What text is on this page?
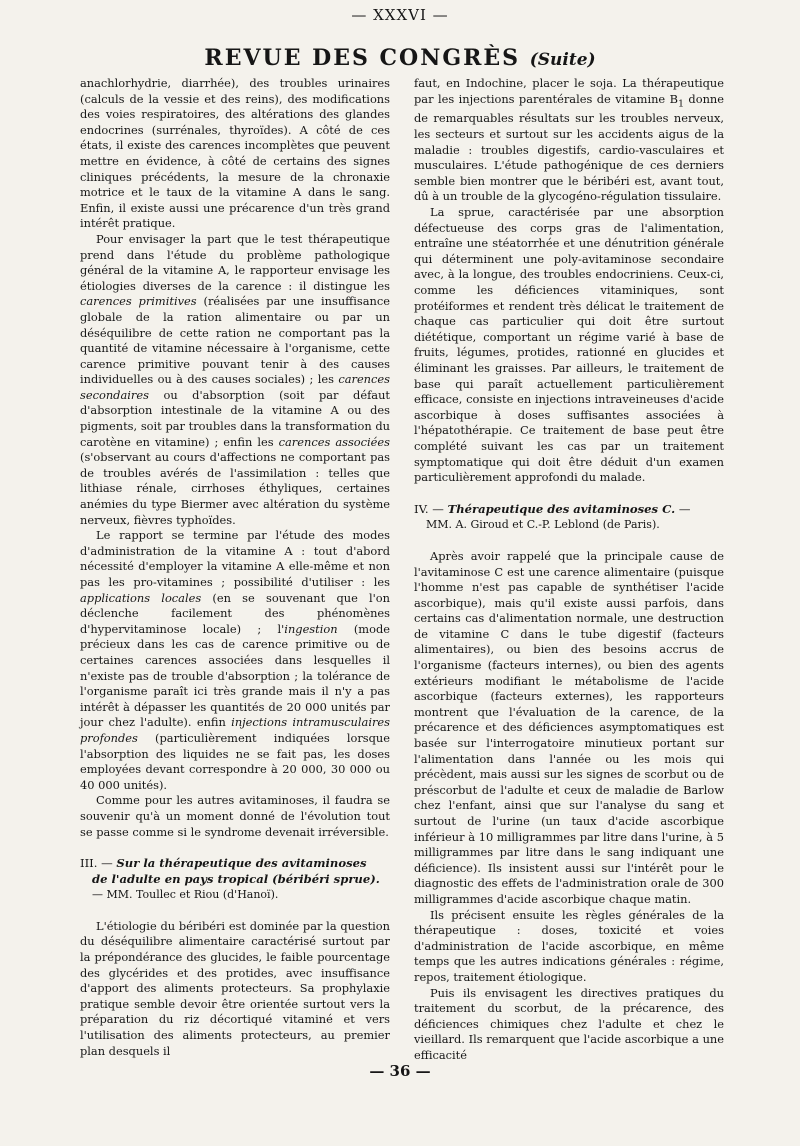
— XXXVI —
REVUE DES CONGRÈS (Suite)

anachlorhydrie, diarrhée), des troubles urinaires (calculs de la vessie et des reins), des modifications des voies respiratoires, des altérations des glandes endocrines (surrénales, thyroïdes). A côté de ces états, il existe des carences incomplètes que peuvent mettre en évidence, à côté de certains des signes cliniques précédents, la mesure de la chronaxie motrice et le taux de la vitamine A dans le sang. Enfin, il existe aussi une précarence d'un très grand intérêt pratique.

Pour envisager la part que le test thérapeutique prend dans l'étude du problème pathologique général de la vitamine A, le rapporteur envisage les étiologies diverses de la carence : il distingue les carences primitives (réalisées par une insuffisance globale de la ration alimentaire ou par un déséquilibre de cette ration ne comportant pas la quantité de vitamine nécessaire à l'organisme, cette carence primitive pouvant tenir à des causes individuelles ou à des causes sociales) ; les carences secondaires ou d'absorption (soit par défaut d'absorption intestinale de la vitamine A ou des pigments, soit par troubles dans la transformation du carotène en vitamine) ; enfin les carences associées (s'observant au cours d'affections ne comportant pas de troubles avérés de l'assimilation : telles que lithiase rénale, cirrhoses éthyliques, certaines anémies du type Biermer avec altération du système nerveux, fièvres typhoïdes.

Le rapport se termine par l'étude des modes d'administration de la vitamine A : tout d'abord nécessité d'employer la vitamine A elle-même et non pas les pro-vitamines ; possibilité d'utiliser : les applications locales (en se souvenant que l'on déclenche facilement des phénomènes d'hypervitaminose locale) ; l'ingestion (mode précieux dans les cas de carence primitive ou de certaines carences associées dans lesquelles il n'existe pas de trouble d'absorption ; la tolérance de l'organisme paraît ici très grande mais il n'y a pas intérêt à dépasser les quantités de 20 000 unités par jour chez l'adulte). enfin injections intramusculaires profondes (particulièrement indiquées lorsque l'absorption des liquides ne se fait pas, les doses employées devant correspondre à 20 000, 30 000 ou 40 000 unités).

Comme pour les autres avitaminoses, il faudra se souvenir qu'à un moment donné de l'évolution tout se passe comme si le syndrome devenait irréversible.

III. — Sur la thérapeutique des avitaminoses
de l'adulte en pays tropical (béribéri sprue).
— MM. Toullec et Riou (d'Hanoï).

L'étiologie du béribéri est dominée par la question du déséquilibre alimentaire caractérisé surtout par la prépondérance des glucides, le faible pourcentage des glycérides et des protides, avec insuffisance d'apport des aliments protecteurs. Sa prophylaxie pratique semble devoir être orientée surtout vers la préparation du riz décortiqué vitaminé et vers l'utilisation des aliments protecteurs, au premier plan desquels il

faut, en Indochine, placer le soja. La thérapeutique par les injections parentérales de vitamine $B_1$ donne de remarquables résultats sur les troubles nerveux, les secteurs et surtout sur les accidents aigus de la maladie : troubles digestifs, cardio-vasculaires et musculaires. L'étude pathogénique de ces derniers semble bien montrer que le béribéri est, avant tout, dû à un trouble de la glycogéno-régulation tissulaire.

La sprue, caractérisée par une absorption défectueuse des corps gras de l'alimentation, entraîne une stéatorrhée et une dénutrition générale qui déterminent une poly-avitaminose secondaire avec, à la longue, des troubles endocriniens. Ceux-ci, comme les déficiences vitaminiques, sont protéiformes et rendent très délicat le traitement de chaque cas particulier qui doit être surtout diététique, comportant un régime varié à base de fruits, légumes, protides, rationné en glucides et éliminant les graisses. Par ailleurs, le traitement de base qui paraît actuellement particulièrement efficace, consiste en injections intraveineuses d'acide ascorbique à doses suffisantes associées à l'hépatothérapie. Ce traitement de base peut être complété suivant les cas par un traitement symptomatique qui doit être déduit d'un examen particulièrement approfondi du malade.

IV. — Thérapeutique des avitaminoses C. —
MM. A. Giroud et C.-P. Leblond (de Paris).

Après avoir rappelé que la principale cause de l'avitaminose C est une carence alimentaire (puisque l'homme n'est pas capable de synthétiser l'acide ascorbique), mais qu'il existe aussi parfois, dans certains cas d'alimentation normale, une destruction de vitamine C dans le tube digestif (facteurs alimentaires), ou bien des besoins accrus de l'organisme (facteurs internes), ou bien des agents extérieurs modifiant le métabolisme de l'acide ascorbique (facteurs externes), les rapporteurs montrent que l'évaluation de la carence, de la précarence et des déficiences asymptomatiques est basée sur l'interrogatoire minutieux portant sur l'alimentation dans l'année ou les mois qui précèdent, mais aussi sur les signes de scorbut ou de préscorbut de l'adulte et ceux de maladie de Barlow chez l'enfant, ainsi que sur l'analyse du sang et surtout de l'urine (un taux d'acide ascorbique inférieur à 10 milligrammes par litre dans l'urine, à 5 milligrammes par litre dans le sang indiquant une déficience). Ils insistent aussi sur l'intérêt pour le diagnostic des effets de l'administration orale de 300 milligrammes d'acide ascorbique chaque matin.

Ils précisent ensuite les règles générales de la thérapeutique : doses, toxicité et voies d'administration de l'acide ascorbique, en même temps que les autres indications générales : régime, repos, traitement étiologique.

Puis ils envisagent les directives pratiques du traitement du scorbut, de la précarence, des déficiences chimiques chez l'adulte et chez le vieillard. Ils remarquent que l'acide ascorbique a une efficacité

— 36 —
